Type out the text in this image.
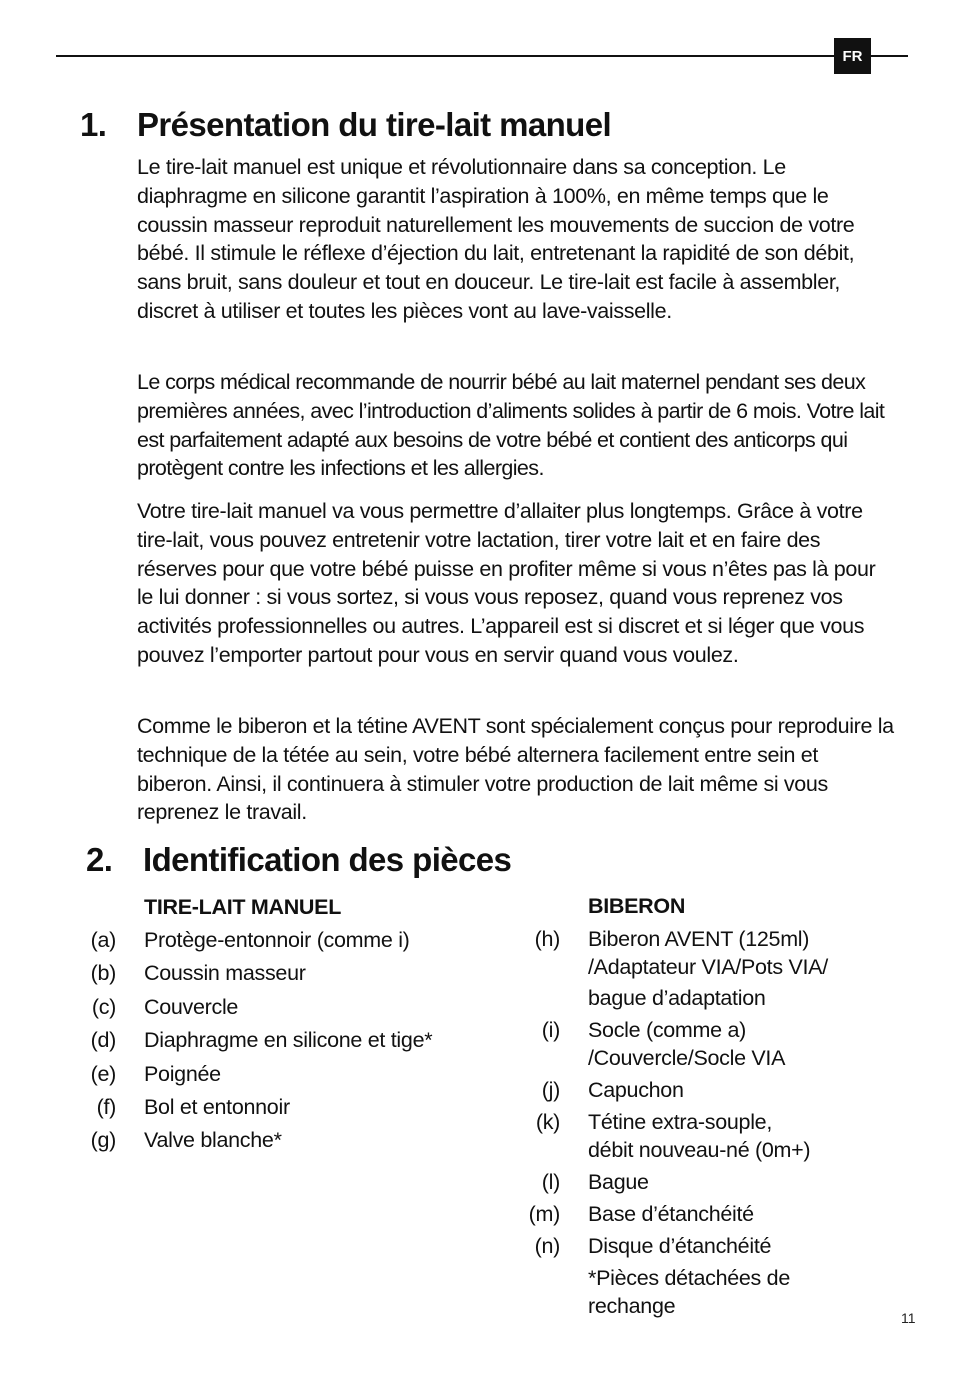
FR
1. Présentation du tire-lait manuel

Le tire-lait manuel est unique et révolutionnaire dans sa conception. Le diaphragme en silicone garantit l’aspiration à 100%, en même temps que le coussin masseur reproduit naturellement les mouvements de succion de votre bébé. Il stimule le réflexe d’éjection du lait, entretenant la rapidité de son débit, sans bruit, sans douleur et tout en douceur. Le tire-lait est facile à assembler, discret à utiliser et toutes les pièces vont au lave-vaisselle.

Le corps médical recommande de nourrir bébé au lait maternel pendant ses deux premières années, avec l’introduction d’aliments solides à partir de 6 mois. Votre lait est parfaitement adapté aux besoins de votre bébé et contient des anticorps qui protègent contre les infections et les allergies.

Votre tire-lait manuel va vous permettre d’allaiter plus longtemps. Grâce à votre tire-lait, vous pouvez entretenir votre lactation, tirer votre lait et en faire des réserves pour que votre bébé puisse en profiter même si vous n’êtes pas là pour le lui donner : si vous sortez, si vous vous reposez, quand vous reprenez vos activités professionnelles ou autres. L’appareil est si discret et si léger que vous pouvez l’emporter partout pour vous en servir quand vous voulez.

Comme le biberon et la tétine AVENT sont spécialement conçus pour reproduire la technique de la tétée au sein, votre bébé alternera facilement entre sein et biberon. Ainsi, il continuera à stimuler votre production de lait même si vous reprenez le travail.

2. Identification des pièces
TIRE-LAIT MANUEL
(a) Protège-entonnoir (comme i)
(b) Coussin masseur
(c) Couvercle
(d) Diaphragme en silicone et tige*
(e) Poignée
(f) Bol et entonnoir
(g) Valve blanche*
BIBERON
(h) Biberon AVENT (125ml)
/Adaptateur VIA/Pots VIA/
bague d’adaptation
(i) Socle (comme a)
/Couvercle/Socle VIA
(j) Capuchon
(k) Tétine extra-souple,
débit nouveau-né (0m+)
(l) Bague
(m) Base d’étanchéité
(n) Disque d’étanchéité
*Pièces détachées de
rechange	11
